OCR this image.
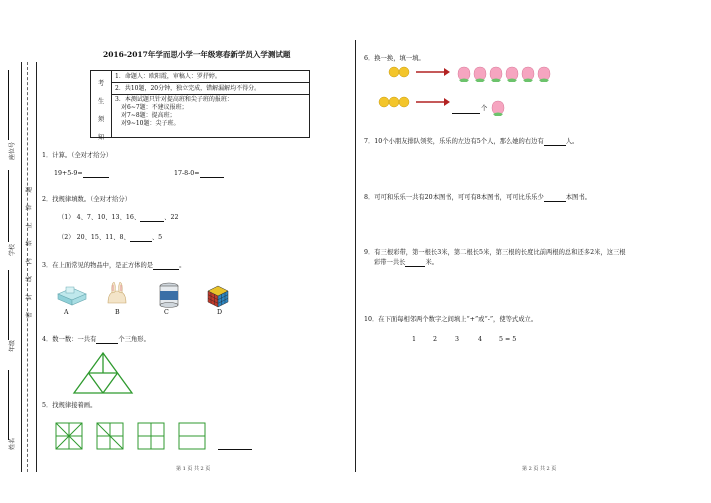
座位号
学校
年级
姓名
密 封 线 内 禁 止 答 题
2016-2017年学而思小学一年级寒春新学员入学测试题
考
生
须
知
1．命题人：欧阳霞，审稿人：罗抒婷。
2．共10题，20分钟，独立完成，错解漏解均不得分。
3．本测试题只针对提高班和尖子班的报班：
对6~7题：不建议报班；
对7~8题：提高班；
对9~10题：尖子班。
1．计算。（全对才给分）
19+5-9=	17-8-0=
2．找规律填数。（全对才给分）
（1） 4、7、10、13、16、	、22
（2） 20、15、11、8、	、5
3．在上面常见的物品中，是正方体的是	。
A	B	C	D
4．数一数：一共有	个三角形。
5．找规律接着画。
第 1 页 共 2 页
6．换一换，填一填。
个
7．10个小朋友排队领奖，乐乐的左边有5个人，那么她的右边有	人。
8．可可和乐乐一共有20本图书，可可有8本图书，可可比乐乐少	本图书。
9．有三根彩带，第一根长3米，第二根长5米，第三根的长度比前两根的总和还多2米，这三根
彩带一共长	米。
10．在下面每相邻两个数字之间填上“+”或“-”，使等式成立。
1	2	3	4	5 = 5
第 2 页 共 2 页
